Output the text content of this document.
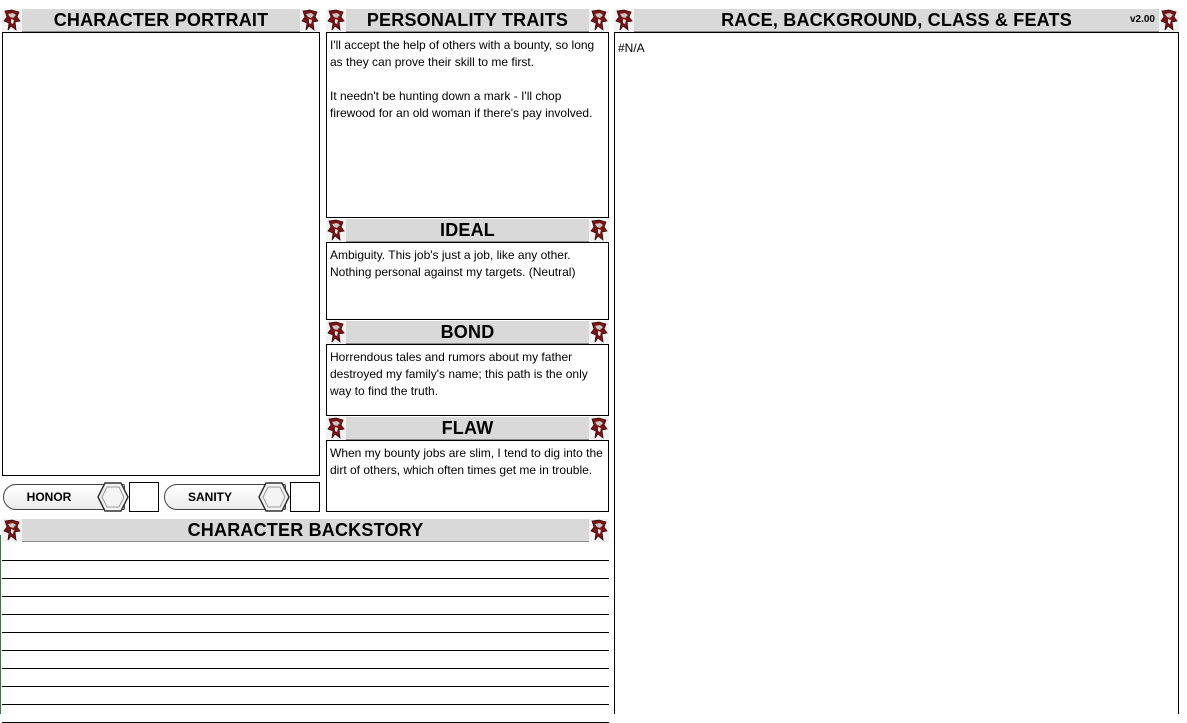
CHARACTER PORTRAIT
HONOR	SANITY
PERSONALITY TRAITS
I'll accept the help of others with a bounty, so long as they can prove their skill to me first.

It needn't be hunting down a mark - I'll chop firewood for an old woman if there's pay involved.
IDEAL
Ambiguity. This job's just a job, like any other. Nothing personal against my targets. (Neutral)
BOND
Horrendous tales and rumors about my father destroyed my family's name; this path is the only way to find the truth.
FLAW
When my bounty jobs are slim, I tend to dig into the dirt of others, which often times get me in trouble.
RACE, BACKGROUND, CLASS & FEATS	v2.00
#N/A
CHARACTER BACKSTORY
